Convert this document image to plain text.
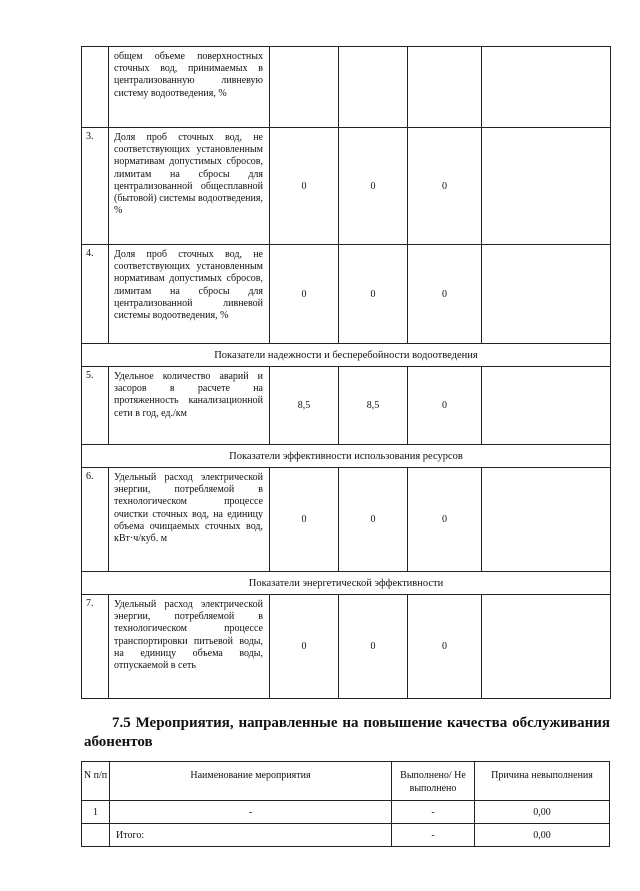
	общем объеме поверхностных сточных вод, принимаемых в централизованную ливневую систему водоотведения, %				
3.	Доля проб сточных вод, не соответствующих установленным нормативам допустимых сбросов, лимитам на сбросы для централизованной общесплавной (бытовой) системы водоотведения, %	0	0	0	
4.	Доля проб сточных вод, не соответствующих установленным нормативам допустимых сбросов, лимитам на сбросы для централизованной ливневой системы водоотведения, %	0	0	0	
Показатели надежности и бесперебойности водоотведения					
5.	Удельное количество аварий и засоров в расчете на протяженность канализационной сети в год, ед./км	8,5	8,5	0	
Показатели эффективности использования ресурсов					
6.	Удельный расход электрической энергии, потребляемой в технологическом процессе очистки сточных вод, на единицу объема очищаемых сточных вод, кВт·ч/куб. м	0	0	0	
Показатели энергетической эффективности					
7.	Удельный расход электрической энергии, потребляемой в технологическом процессе транспортировки питьевой воды, на единицу объема воды, отпускаемой в сеть	0	0	0	

7.5 Мероприятия, направленные на повышение качества обслуживания абонентов

N п/п	Наименование мероприятия	Выполнено/ Не выполнено	Причина невыполнения
1	-	-	0,00
	Итого:	-	0,00
